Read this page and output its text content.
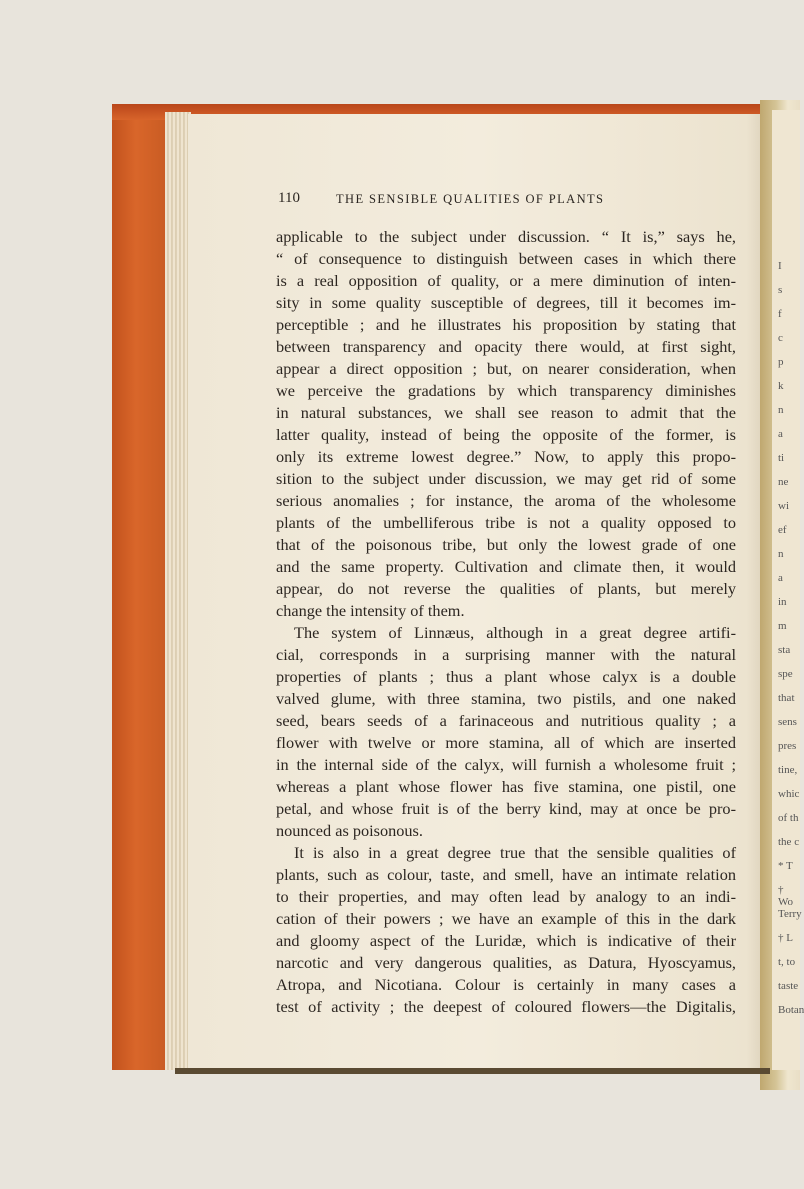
I
s
f
c
p
k
n
a
ti
ne
wi
ef
n
a
in
m
sta
spe
that
sens
pres
tine,
whic
of th
the c
* T
† Wo
Terry
† L
t, to
taste
Botan
110	THE SENSIBLE QUALITIES OF PLANTS
applicable to the subject under discussion. “ It is,” says he,
“ of consequence to distinguish between cases in which there
is a real opposition of quality, or a mere diminution of inten-
sity in some quality susceptible of degrees, till it becomes im-
perceptible ; and he illustrates his proposition by stating that
between transparency and opacity there would, at first sight,
appear a direct opposition ; but, on nearer consideration, when
we perceive the gradations by which transparency diminishes
in natural substances, we shall see reason to admit that the
latter quality, instead of being the opposite of the former, is
only its extreme lowest degree.” Now, to apply this propo-
sition to the subject under discussion, we may get rid of some
serious anomalies ; for instance, the aroma of the wholesome
plants of the umbelliferous tribe is not a quality opposed to
that of the poisonous tribe, but only the lowest grade of one
and the same property. Cultivation and climate then, it would
appear, do not reverse the qualities of plants, but merely
change the intensity of them.
The system of Linnæus, although in a great degree artifi-
cial, corresponds in a surprising manner with the natural
properties of plants ; thus a plant whose calyx is a double
valved glume, with three stamina, two pistils, and one naked
seed, bears seeds of a farinaceous and nutritious quality ; a
flower with twelve or more stamina, all of which are inserted
in the internal side of the calyx, will furnish a wholesome fruit ;
whereas a plant whose flower has five stamina, one pistil, one
petal, and whose fruit is of the berry kind, may at once be pro-
nounced as poisonous.
It is also in a great degree true that the sensible qualities of
plants, such as colour, taste, and smell, have an intimate relation
to their properties, and may often lead by analogy to an indi-
cation of their powers ; we have an example of this in the dark
and gloomy aspect of the Luridæ, which is indicative of their
narcotic and very dangerous qualities, as Datura, Hyoscyamus,
Atropa, and Nicotiana. Colour is certainly in many cases a
test of activity ; the deepest of coloured flowers—the Digitalis,
